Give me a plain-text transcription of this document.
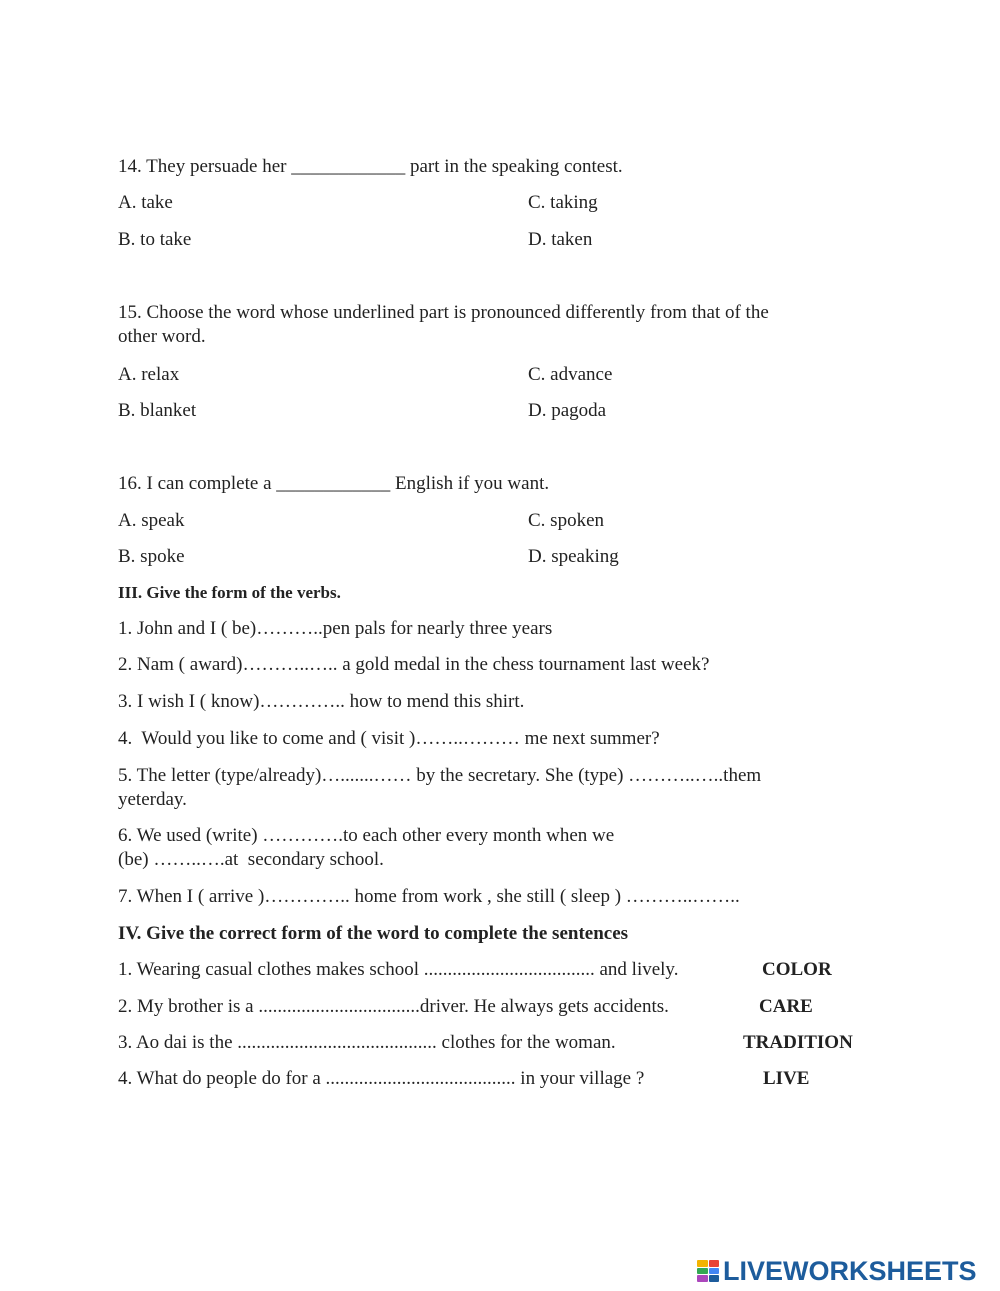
14. They persuade her ____________ part in the speaking contest.
A. take	C. taking
B. to take	D. taken
15. Choose the word whose underlined part is pronounced differently from that of the
other word.
A. relax	C. advance
B. blanket	D. pagoda
16. I can complete a ____________ English if you want.
A. speak	C. spoken
B. spoke	D. speaking
III. Give the form of the verbs.
1. John and I ( be)………..pen pals for nearly three years
2. Nam ( award)………..….. a gold medal in the chess tournament last week?
3. I wish I ( know)………….. how to mend this shirt.
4.  Would you like to come and ( visit )……..……… me next summer?
5. The letter (type/already)….......…… by the secretary. She (type) ………..…..them
yeterday.
6. We used (write) ………….to each other every month when we
(be) ……..….at  secondary school.
7. When I ( arrive )………….. home from work , she still ( sleep ) ………..……..
IV. Give the correct form of the word to complete the sentences
1. Wearing casual clothes makes school .................................... and lively.	COLOR
2. My brother is a ..................................driver. He always gets accidents.	CARE
3. Ao dai is the .......................................... clothes for the woman.	TRADITION
4. What do people do for a ........................................ in your village ?	LIVE
LIVEWORKSHEETS
